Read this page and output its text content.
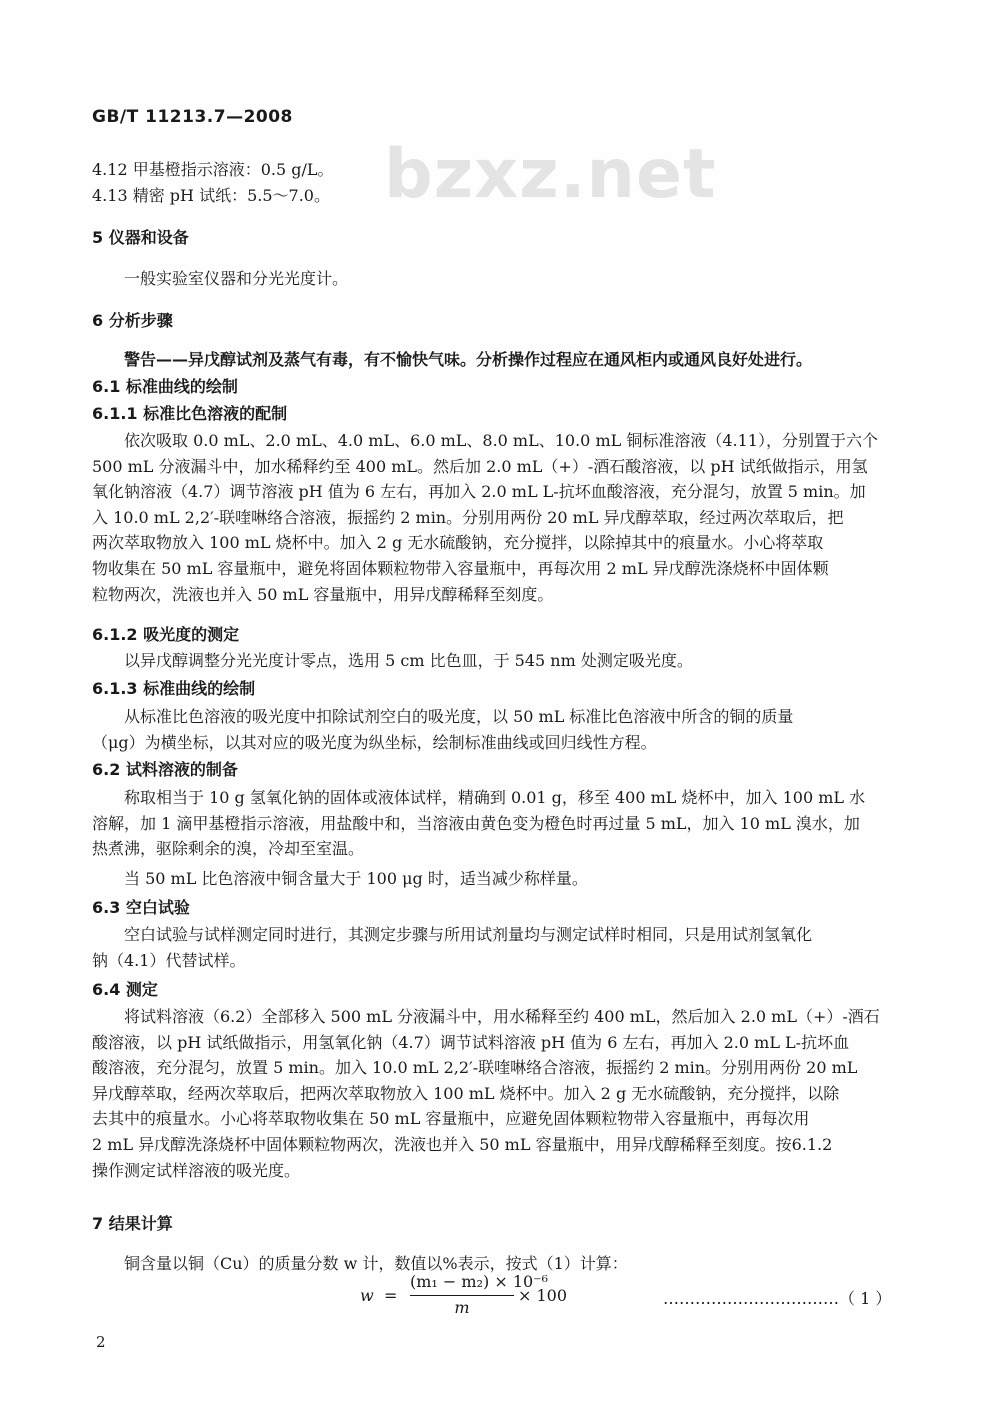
GB/T 11213.7—2008
bzxz.net
4.12 甲基橙指示溶液：0.5 g/L。
4.13 精密 pH 试纸：5.5～7.0。
5 仪器和设备
一般实验室仪器和分光光度计。
6 分析步骤
警告——异戊醇试剂及蒸气有毒，有不愉快气味。分析操作过程应在通风柜内或通风良好处进行。
6.1 标准曲线的绘制
6.1.1 标准比色溶液的配制
依次吸取 0.0 mL、2.0 mL、4.0 mL、6.0 mL、8.0 mL、10.0 mL 铜标准溶液（4.11），分别置于六个
500 mL 分液漏斗中，加水稀释约至 400 mL。然后加 2.0 mL（+）-酒石酸溶液，以 pH 试纸做指示，用氢
氧化钠溶液（4.7）调节溶液 pH 值为 6 左右，再加入 2.0 mL L-抗坏血酸溶液，充分混匀，放置 5 min。加
入 10.0 mL 2,2′-联喹啉络合溶液，振摇约 2 min。分别用两份 20 mL 异戊醇萃取，经过两次萃取后，把
两次萃取物放入 100 mL 烧杯中。加入 2 g 无水硫酸钠，充分搅拌，以除掉其中的痕量水。小心将萃取
物收集在 50 mL 容量瓶中，避免将固体颗粒物带入容量瓶中，再每次用 2 mL 异戊醇洗涤烧杯中固体颗
粒物两次，洗液也并入 50 mL 容量瓶中，用异戊醇稀释至刻度。
6.1.2 吸光度的测定
以异戊醇调整分光光度计零点，选用 5 cm 比色皿，于 545 nm 处测定吸光度。
6.1.3 标准曲线的绘制
从标准比色溶液的吸光度中扣除试剂空白的吸光度，以 50 mL 标准比色溶液中所含的铜的质量
（μg）为横坐标，以其对应的吸光度为纵坐标，绘制标准曲线或回归线性方程。
6.2 试料溶液的制备
称取相当于 10 g 氢氧化钠的固体或液体试样，精确到 0.01 g，移至 400 mL 烧杯中，加入 100 mL 水
溶解，加 1 滴甲基橙指示溶液，用盐酸中和，当溶液由黄色变为橙色时再过量 5 mL，加入 10 mL 溴水，加
热煮沸，驱除剩余的溴，冷却至室温。
当 50 mL 比色溶液中铜含量大于 100 μg 时，适当减少称样量。
6.3 空白试验
空白试验与试样测定同时进行，其测定步骤与所用试剂量均与测定试样时相同，只是用试剂氢氧化
钠（4.1）代替试样。
6.4 测定
将试料溶液（6.2）全部移入 500 mL 分液漏斗中，用水稀释至约 400 mL，然后加入 2.0 mL（+）-酒石
酸溶液，以 pH 试纸做指示，用氢氧化钠（4.7）调节试料溶液 pH 值为 6 左右，再加入 2.0 mL L-抗坏血
酸溶液，充分混匀，放置 5 min。加入 10.0 mL 2,2′-联喹啉络合溶液，振摇约 2 min。分别用两份 20 mL
异戊醇萃取，经两次萃取后，把两次萃取物放入 100 mL 烧杯中。加入 2 g 无水硫酸钠，充分搅拌，以除
去其中的痕量水。小心将萃取物收集在 50 mL 容量瓶中，应避免固体颗粒物带入容量瓶中，再每次用
2 mL 异戊醇洗涤烧杯中固体颗粒物两次，洗液也并入 50 mL 容量瓶中，用异戊醇稀释至刻度。按6.1.2
操作测定试样溶液的吸光度。
7 结果计算
铜含量以铜（Cu）的质量分数 w 计，数值以%表示，按式（1）计算：
w =
(m₁ − m₂) × 10⁻⁶
m
× 100	……………………………（ 1 ）
2
